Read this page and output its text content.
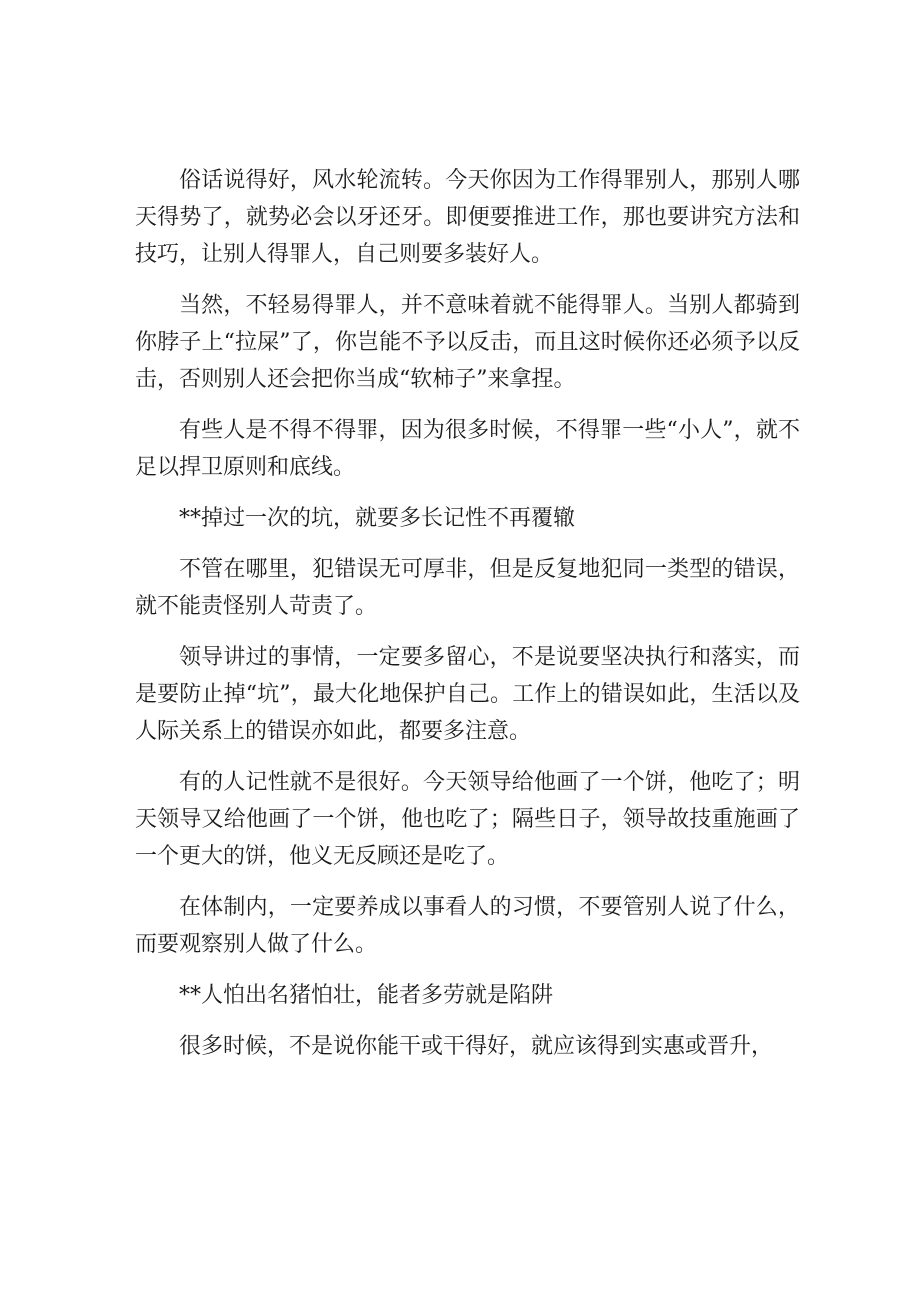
俗话说得好，风水轮流转。今天你因为工作得罪别人，那别人哪天得势了，就势必会以牙还牙。即便要推进工作，那也要讲究方法和技巧，让别人得罪人，自己则要多装好人。

当然，不轻易得罪人，并不意味着就不能得罪人。当别人都骑到你脖子上“拉屎”了，你岂能不予以反击，而且这时候你还必须予以反击，否则别人还会把你当成“软柿子”来拿捏。

有些人是不得不得罪，因为很多时候，不得罪一些“小人”，就不足以捍卫原则和底线。

**掉过一次的坑，就要多长记性不再覆辙

不管在哪里，犯错误无可厚非，但是反复地犯同一类型的错误，就不能责怪别人苛责了。

领导讲过的事情，一定要多留心，不是说要坚决执行和落实，而是要防止掉“坑”，最大化地保护自己。工作上的错误如此，生活以及人际关系上的错误亦如此，都要多注意。

有的人记性就不是很好。今天领导给他画了一个饼，他吃了；明天领导又给他画了一个饼，他也吃了；隔些日子，领导故技重施画了一个更大的饼，他义无反顾还是吃了。

在体制内，一定要养成以事看人的习惯，不要管别人说了什么，而要观察别人做了什么。

**人怕出名猪怕壮，能者多劳就是陷阱

很多时候，不是说你能干或干得好，就应该得到实惠或晋升，
